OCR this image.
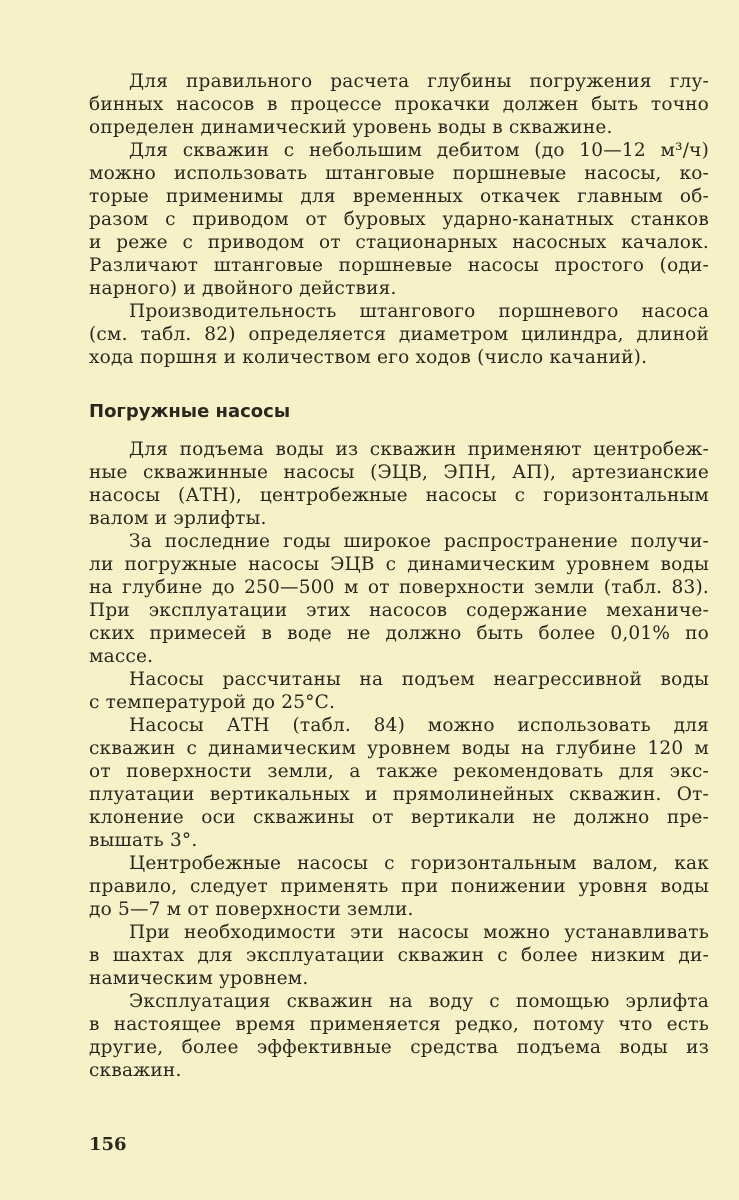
Для правильного расчета глубины погружения глу-
бинных насосов в процессе прокачки должен быть точно
определен динамический уровень воды в скважине.

Для скважин с небольшим дебитом (до 10—12 м³/ч)
можно использовать штанговые поршневые насосы, ко-
торые применимы для временных откачек главным об-
разом с приводом от буровых ударно-канатных станков
и реже с приводом от стационарных насосных качалок.
Различают штанговые поршневые насосы простого (оди-
нарного) и двойного действия.

Производительность штангового поршневого насоса
(см. табл. 82) определяется диаметром цилиндра, длиной
хода поршня и количеством его ходов (число качаний).

Погружные насосы

Для подъема воды из скважин применяют центробеж-
ные скважинные насосы (ЭЦВ, ЭПН, АП), артезианские
насосы (АТН), центробежные насосы с горизонтальным
валом и эрлифты.

За последние годы широкое распространение получи-
ли погружные насосы ЭЦВ с динамическим уровнем воды
на глубине до 250—500 м от поверхности земли (табл. 83).
При эксплуатации этих насосов содержание механиче-
ских примесей в воде не должно быть более 0,01% по
массе.

Насосы рассчитаны на подъем неагрессивной воды
с температурой до 25°С.

Насосы АТН (табл. 84) можно использовать для
скважин с динамическим уровнем воды на глубине 120 м
от поверхности земли, а также рекомендовать для экс-
плуатации вертикальных и прямолинейных скважин. От-
клонение оси скважины от вертикали не должно пре-
вышать 3°.

Центробежные насосы с горизонтальным валом, как
правило, следует применять при понижении уровня воды
до 5—7 м от поверхности земли.

При необходимости эти насосы можно устанавливать
в шахтах для эксплуатации скважин с более низким ди-
намическим уровнем.

Эксплуатация скважин на воду с помощью эрлифта
в настоящее время применяется редко, потому что есть
другие, более эффективные средства подъема воды из
скважин.

156
